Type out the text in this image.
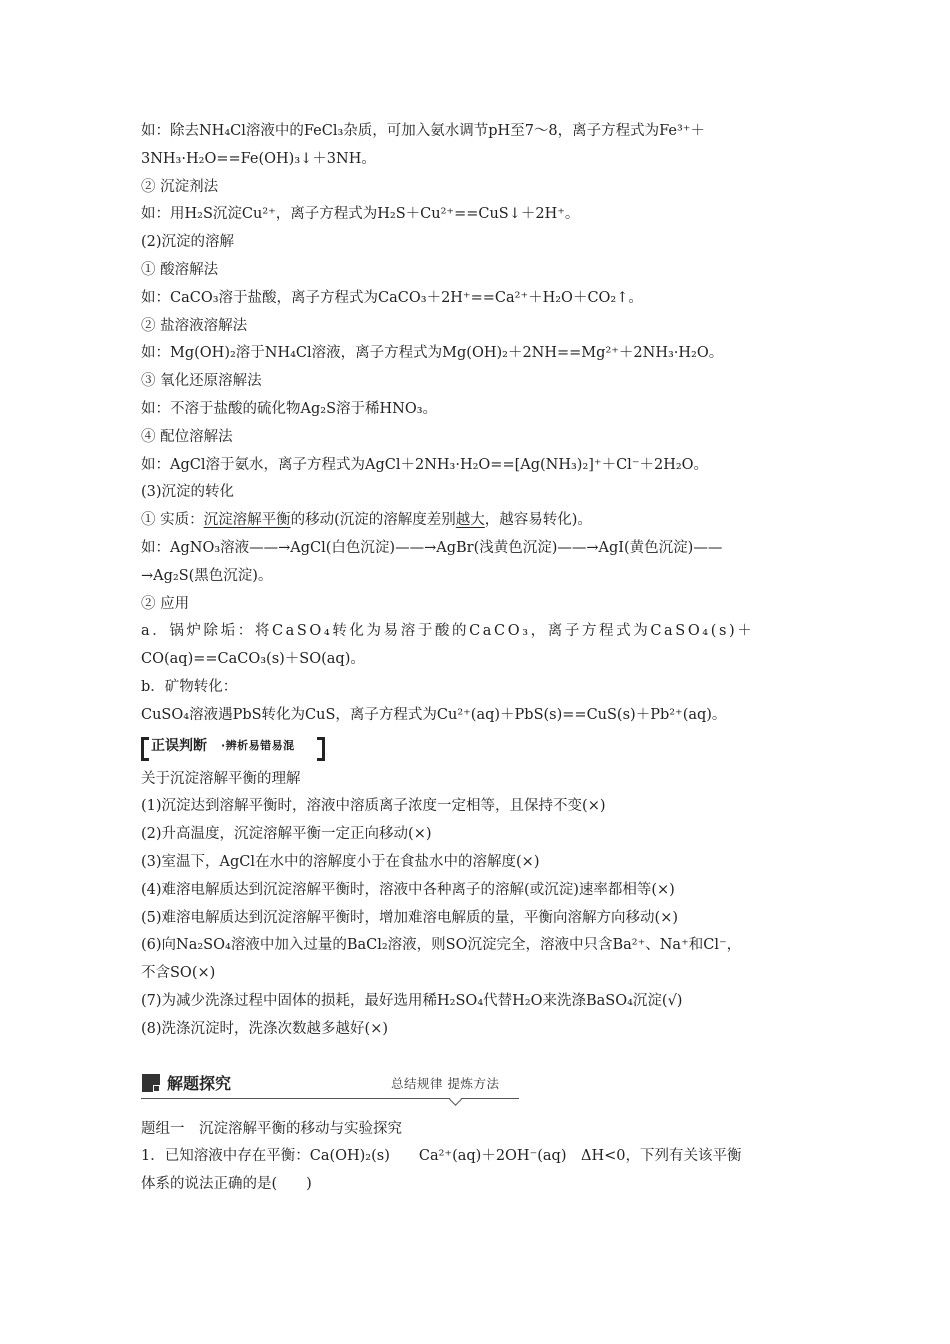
如：除去NH₄Cl溶液中的FeCl₃杂质，可加入氨水调节pH至7～8，离子方程式为Fe³⁺＋
3NH₃·H₂O==Fe(OH)₃↓＋3NH。
② 沉淀剂法
如：用H₂S沉淀Cu²⁺，离子方程式为H₂S＋Cu²⁺==CuS↓＋2H⁺。
(2)沉淀的溶解
① 酸溶解法
如：CaCO₃溶于盐酸，离子方程式为CaCO₃＋2H⁺==Ca²⁺＋H₂O＋CO₂↑。
② 盐溶液溶解法
如：Mg(OH)₂溶于NH₄Cl溶液，离子方程式为Mg(OH)₂＋2NH==Mg²⁺＋2NH₃·H₂O。
③ 氧化还原溶解法
如：不溶于盐酸的硫化物Ag₂S溶于稀HNO₃。
④ 配位溶解法
如：AgCl溶于氨水，离子方程式为AgCl＋2NH₃·H₂O==[Ag(NH₃)₂]⁺＋Cl⁻＋2H₂O。
(3)沉淀的转化
① 实质：沉淀溶解平衡的移动(沉淀的溶解度差别越大，越容易转化)。
如：AgNO₃溶液——→AgCl(白色沉淀)——→AgBr(浅黄色沉淀)——→AgI(黄色沉淀)——
→Ag₂S(黑色沉淀)。
② 应用
a．锅炉除垢：将CaSO₄转化为易溶于酸的CaCO₃，离子方程式为CaSO₄(s)＋
CO(aq)==CaCO₃(s)＋SO(aq)。
b．矿物转化：
CuSO₄溶液遇PbS转化为CuS，离子方程式为Cu²⁺(aq)＋PbS(s)==CuS(s)＋Pb²⁺(aq)。
正误判断 ·辨析易错易混
关于沉淀溶解平衡的理解
(1)沉淀达到溶解平衡时，溶液中溶质离子浓度一定相等，且保持不变(×)
(2)升高温度，沉淀溶解平衡一定正向移动(×)
(3)室温下，AgCl在水中的溶解度小于在食盐水中的溶解度(×)
(4)难溶电解质达到沉淀溶解平衡时，溶液中各种离子的溶解(或沉淀)速率都相等(×)
(5)难溶电解质达到沉淀溶解平衡时，增加难溶电解质的量，平衡向溶解方向移动(×)
(6)向Na₂SO₄溶液中加入过量的BaCl₂溶液，则SO沉淀完全，溶液中只含Ba²⁺、Na⁺和Cl⁻，
不含SO(×)
(7)为减少洗涤过程中固体的损耗，最好选用稀H₂SO₄代替H₂O来洗涤BaSO₄沉淀(√)
(8)洗涤沉淀时，洗涤次数越多越好(×)
解题探究	总结规律 提炼方法
题组一　沉淀溶解平衡的移动与实验探究
1．已知溶液中存在平衡：Ca(OH)₂(s)　　Ca²⁺(aq)＋2OH⁻(aq)　ΔH<0，下列有关该平衡
体系的说法正确的是(　　)
